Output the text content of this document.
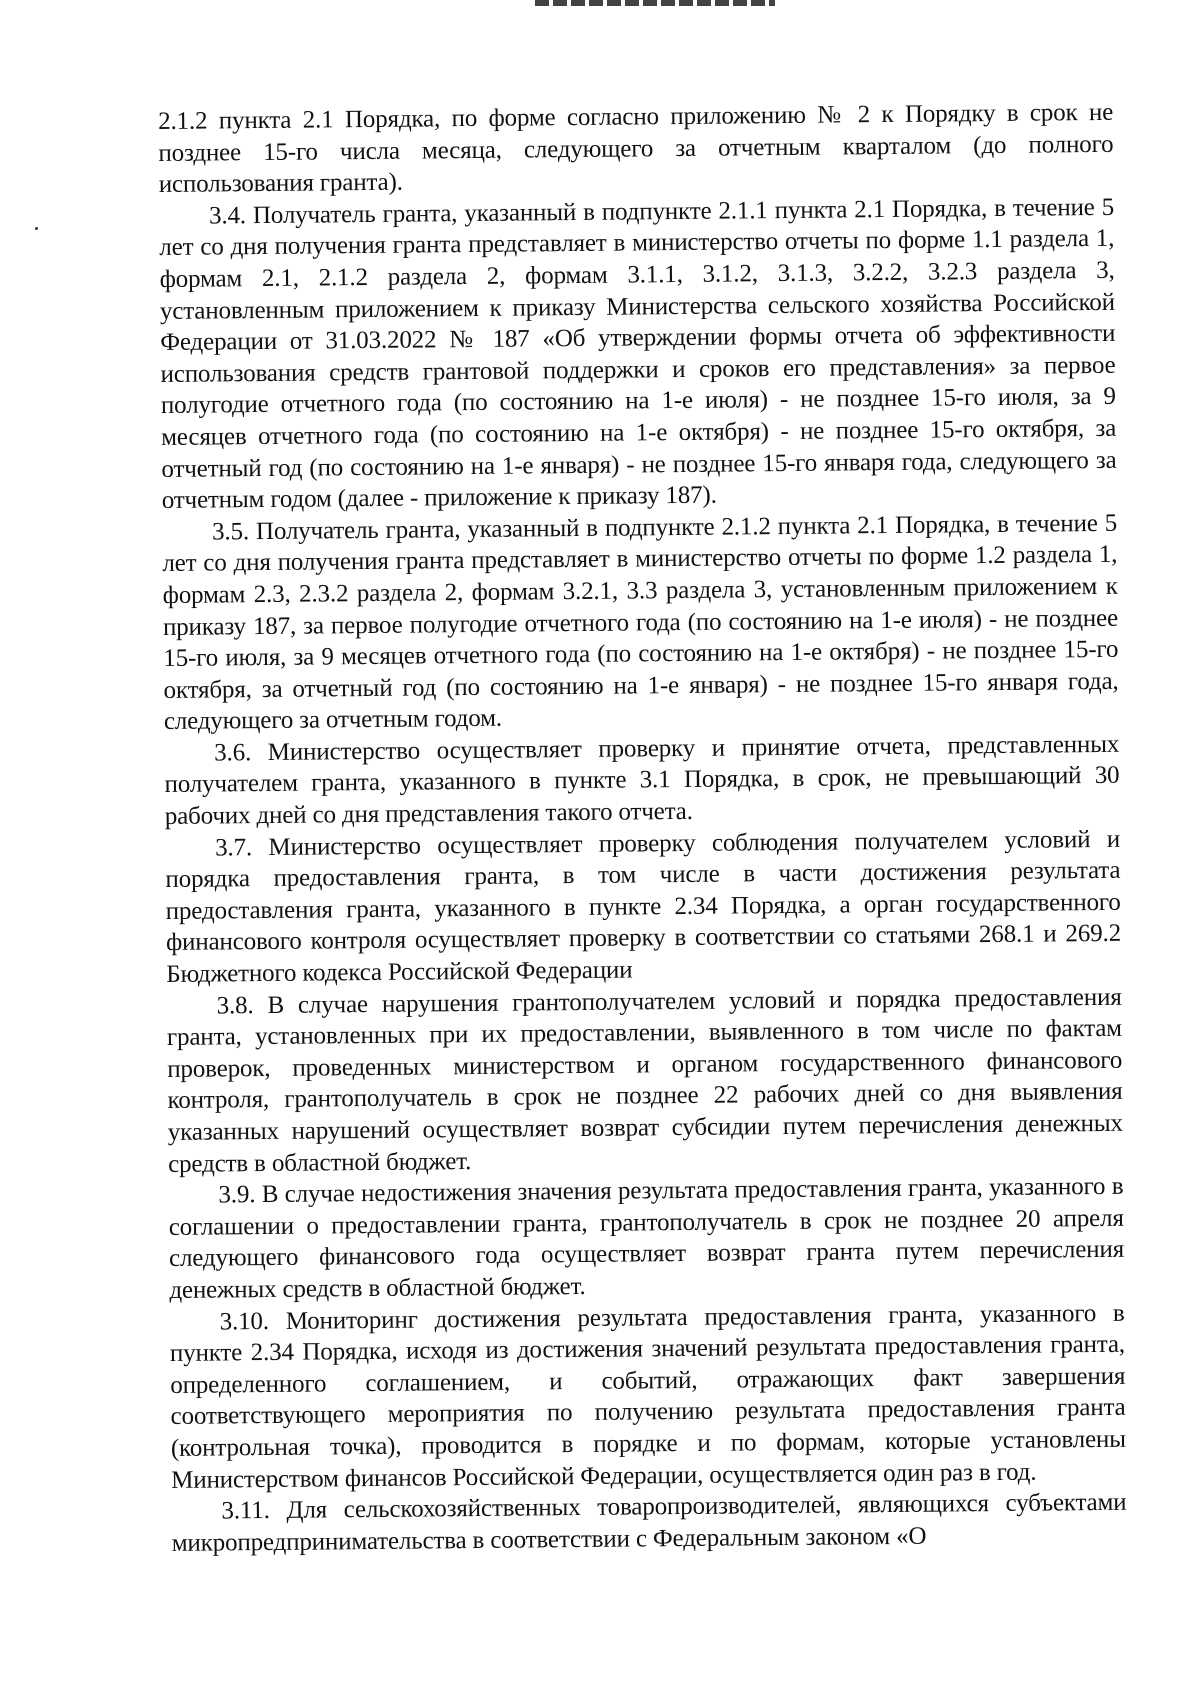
2.1.2 пункта 2.1 Порядка, по форме согласно приложению № 2 к Порядку в срок не позднее 15-го числа месяца, следующего за отчетным кварталом (до полного использования гранта).

3.4. Получатель гранта, указанный в подпункте 2.1.1 пункта 2.1 Порядка, в течение 5 лет со дня получения гранта представляет в министерство отчеты по форме 1.1 раздела 1, формам 2.1, 2.1.2 раздела 2, формам 3.1.1, 3.1.2, 3.1.3, 3.2.2, 3.2.3 раздела 3, установленным приложением к приказу Министерства сельского хозяйства Российской Федерации от 31.03.2022 № 187 «Об утверждении формы отчета об эффективности использования средств грантовой поддержки и сроков его представления» за первое полугодие отчетного года (по состоянию на 1-е июля) - не позднее 15-го июля, за 9 месяцев отчетного года (по состоянию на 1-е октября) - не позднее 15-го октября, за отчетный год (по состоянию на 1-е января) - не позднее 15-го января года, следующего за отчетным годом (далее - приложение к приказу 187).

3.5. Получатель гранта, указанный в подпункте 2.1.2 пункта 2.1 Порядка, в течение 5 лет со дня получения гранта представляет в министерство отчеты по форме 1.2 раздела 1, формам 2.3, 2.3.2 раздела 2, формам 3.2.1, 3.3 раздела 3, установленным приложением к приказу 187, за первое полугодие отчетного года (по состоянию на 1-е июля) - не позднее 15-го июля, за 9 месяцев отчетного года (по состоянию на 1-е октября) - не позднее 15-го октября, за отчетный год (по состоянию на 1-е января) - не позднее 15-го января года, следующего за отчетным годом.

3.6. Министерство осуществляет проверку и принятие отчета, представленных получателем гранта, указанного в пункте 3.1 Порядка, в срок, не превышающий 30 рабочих дней со дня представления такого отчета.

3.7. Министерство осуществляет проверку соблюдения получателем условий и порядка предоставления гранта, в том числе в части достижения результата предоставления гранта, указанного в пункте 2.34 Порядка, а орган государственного финансового контроля осуществляет проверку в соответствии со статьями 268.1 и 269.2 Бюджетного кодекса Российской Федерации

3.8. В случае нарушения грантополучателем условий и порядка предоставления гранта, установленных при их предоставлении, выявленного в том числе по фактам проверок, проведенных министерством и органом государственного финансового контроля, грантополучатель в срок не позднее 22 рабочих дней со дня выявления указанных нарушений осуществляет возврат субсидии путем перечисления денежных средств в областной бюджет.

3.9. В случае недостижения значения результата предоставления гранта, указанного в соглашении о предоставлении гранта, грантополучатель в срок не позднее 20 апреля следующего финансового года осуществляет возврат гранта путем перечисления денежных средств в областной бюджет.

3.10. Мониторинг достижения результата предоставления гранта, указанного в пункте 2.34 Порядка, исходя из достижения значений результата предоставления гранта, определенного соглашением, и событий, отражающих факт завершения соответствующего мероприятия по получению результата предоставления гранта (контрольная точка), проводится в порядке и по формам, которые установлены Министерством финансов Российской Федерации, осуществляется один раз в год.

3.11. Для сельскохозяйственных товаропроизводителей, являющихся субъектами микропредпринимательства в соответствии с Федеральным законом «О
